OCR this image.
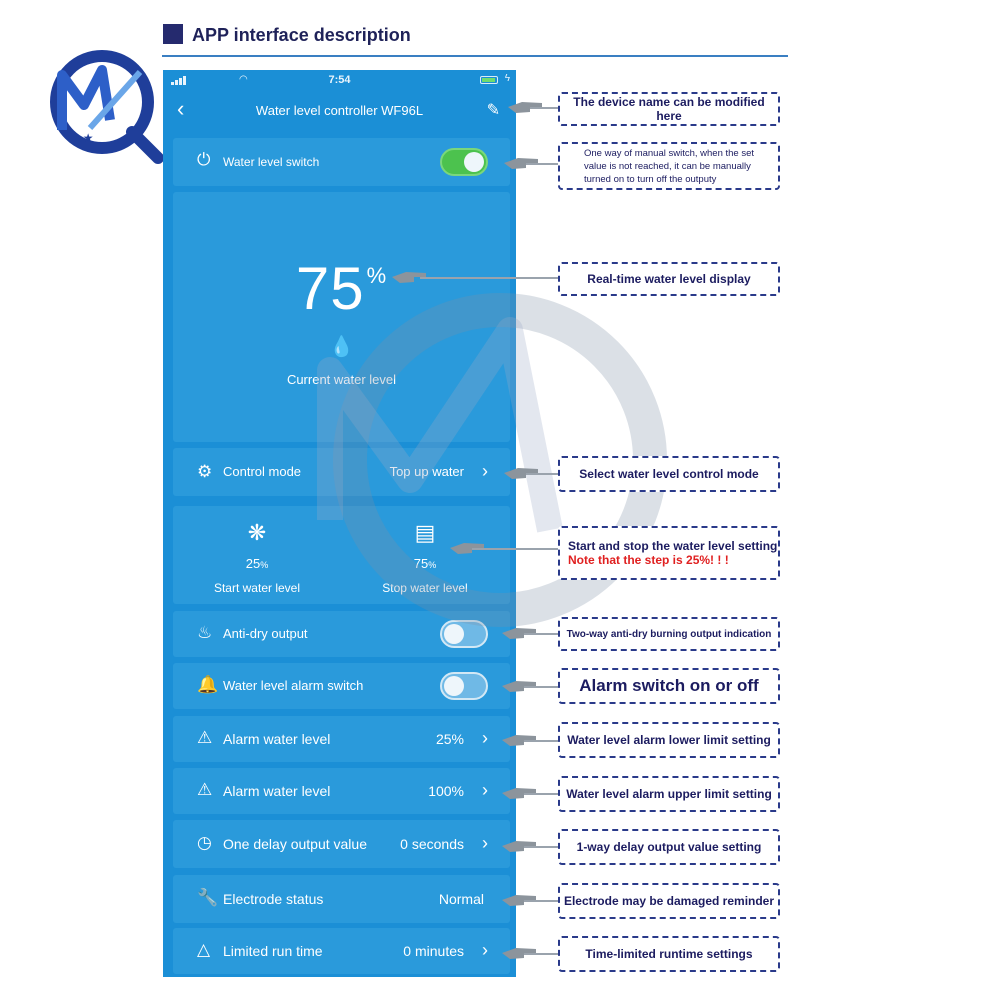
★★
APP interface description
◠	7:54	ϟ
‹	Water level controller WF96L	✎
⏻ Water level switch
75%
💧
Current water level
⚙ Control mode	Top up water ›
❋
25%
Start water level
▤
75%
Stop water level
♨ Anti-dry output
🔔 Water level alarm switch
⚠ Alarm water level	25% ›
⚠ Alarm water level	100% ›
◷ One delay output value 0 seconds ›
🔧 Electrode status	Normal
△ Limited run time	0 minutes ›
The device name can be modified here
One way of manual switch, when the set value is not reached, it can be manually turned on to turn off the outputy
Real-time water level display
Select water level control mode
Start and stop the water level setting
Note that the step is 25%! ! !
Two-way anti-dry burning output indication
Alarm switch on or off
Water level alarm lower limit setting
Water level alarm upper limit setting
1-way delay output value setting
Electrode may be damaged reminder
Time-limited runtime settings
